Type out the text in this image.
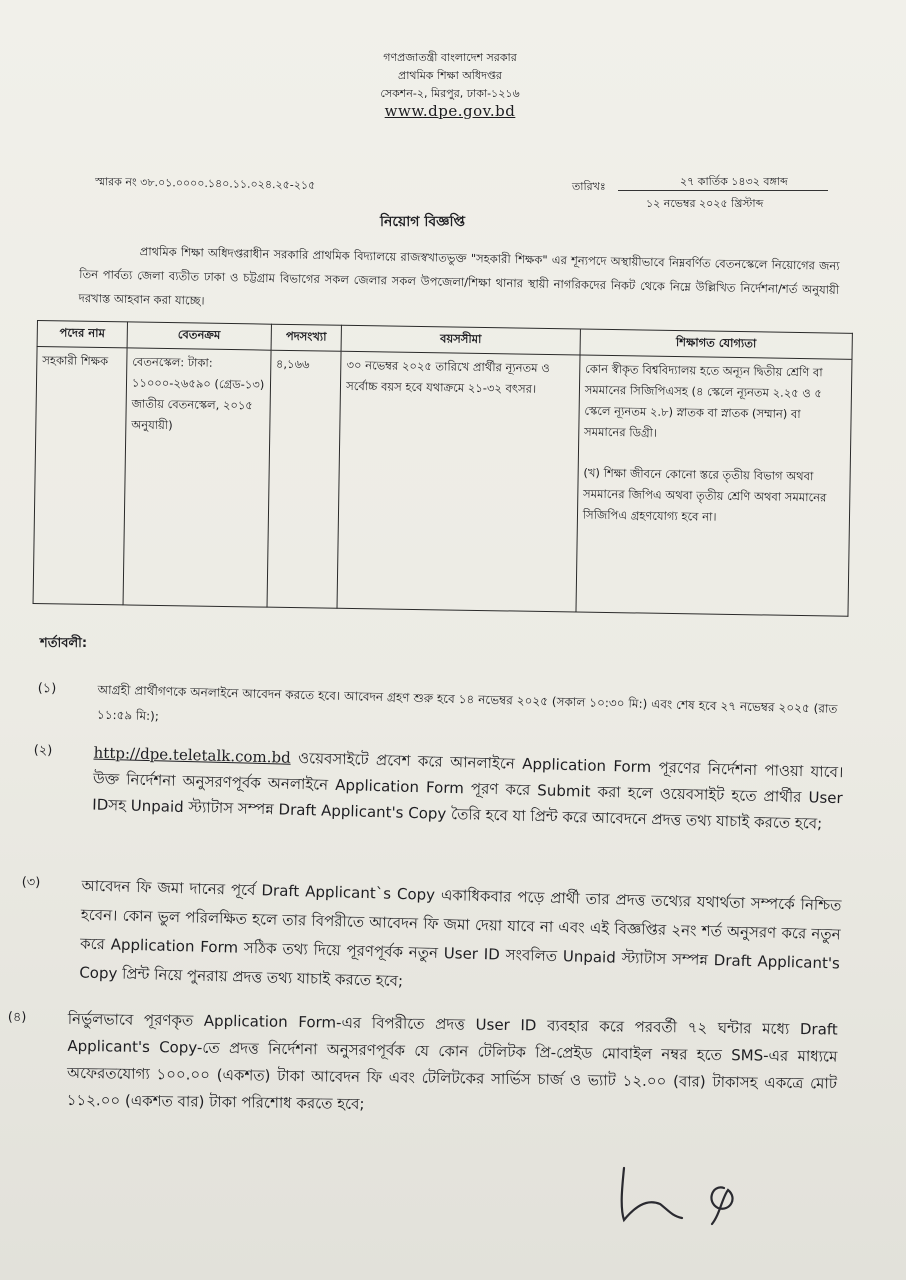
গণপ্রজাতন্ত্রী বাংলাদেশ সরকার
প্রাথমিক শিক্ষা অধিদপ্তর
সেকশন-২, মিরপুর, ঢাকা-১২১৬
www.dpe.gov.bd
স্মারক নং ৩৮.০১.০০০০.১৪০.১১.০২৪.২৫-২১৫	তারিখঃ	২৭ কার্তিক ১৪৩২ বঙ্গাব্দ
১২ নভেম্বর ২০২৫ খ্রিস্টাব্দ
নিয়োগ বিজ্ঞপ্তি
প্রাথমিক শিক্ষা অধিদপ্তরাধীন সরকারি প্রাথমিক বিদ্যালয়ে রাজস্বখাতভুক্ত "সহকারী শিক্ষক" এর শূন্যপদে অস্থায়ীভাবে নিম্নবর্ণিত বেতনস্কেলে নিয়োগের জন্য তিন পার্বত্য জেলা ব্যতীত ঢাকা ও চট্টগ্রাম বিভাগের সকল জেলার সকল উপজেলা/শিক্ষা থানার স্থায়ী নাগরিকদের নিকট থেকে নিম্নে উল্লিখিত নির্দেশনা/শর্ত অনুযায়ী দরখাস্ত আহবান করা যাচ্ছে।
পদের নাম	বেতনক্রম	পদসংখ্যা	বয়সসীমা	শিক্ষাগত যোগ্যতা
সহকারী শিক্ষক	বেতনস্কেল: টাকা: ১১০০০-২৬৫৯০ (গ্রেড-১৩) জাতীয় বেতনস্কেল, ২০১৫ অনুযায়ী)	৪,১৬৬	৩০ নভেম্বর ২০২৫ তারিখে প্রার্থীর ন্যূনতম ও সর্বোচ্চ বয়স হবে যথাক্রমে ২১-৩২ বৎসর।	কোন স্বীকৃত বিশ্ববিদ্যালয় হতে অন্যূন দ্বিতীয় শ্রেণি বা সমমানের সিজিপিএসহ (৪ স্কেলে ন্যূনতম ২.২৫ ও ৫ স্কেলে ন্যূনতম ২.৮) স্নাতক বা স্নাতক (সম্মান) বা সমমানের ডিগ্রী।
(খ) শিক্ষা জীবনে কোনো স্তরে তৃতীয় বিভাগ অথবা সমমানের জিপিএ অথবা তৃতীয় শ্রেণি অথবা সমমানের সিজিপিএ গ্রহণযোগ্য হবে না।
শর্তাবলী:
(১)	আগ্রহী প্রার্থীগণকে অনলাইনে আবেদন করতে হবে। আবেদন গ্রহণ শুরু হবে ১৪ নভেম্বর ২০২৫ (সকাল ১০:৩০ মি:) এবং শেষ হবে ২৭ নভেম্বর ২০২৫ (রাত ১১:৫৯ মি:);
(২)	http://dpe.teletalk.com.bd ওয়েবসাইটে প্রবেশ করে আনলাইনে Application Form পূরণের নির্দেশনা পাওয়া যাবে। উক্ত নির্দেশনা অনুসরণপূর্বক অনলাইনে Application Form পূরণ করে Submit করা হলে ওয়েবসাইট হতে প্রার্থীর User IDসহ Unpaid স্ট্যাটাস সম্পন্ন Draft Applicant's Copy তৈরি হবে যা প্রিন্ট করে আবেদনে প্রদত্ত তথ্য যাচাই করতে হবে;
(৩)	আবেদন ফি জমা দানের পূর্বে Draft Applicant`s Copy একাধিকবার পড়ে প্রার্থী তার প্রদত্ত তথ্যের যথার্থতা সম্পর্কে নিশ্চিত হবেন। কোন ভুল পরিলক্ষিত হলে তার বিপরীতে আবেদন ফি জমা দেয়া যাবে না এবং এই বিজ্ঞপ্তির ২নং শর্ত অনুসরণ করে নতুন করে Application Form সঠিক তথ্য দিয়ে পূরণপূর্বক নতুন User ID সংবলিত Unpaid স্ট্যাটাস সম্পন্ন Draft Applicant's Copy প্রিন্ট নিয়ে পুনরায় প্রদত্ত তথ্য যাচাই করতে হবে;
(৪)	নির্ভুলভাবে পূরণকৃত Application Form-এর বিপরীতে প্রদত্ত User ID ব্যবহার করে পরবর্তী ৭২ ঘন্টার মধ্যে Draft Applicant's Copy-তে প্রদত্ত নির্দেশনা অনুসরণপূর্বক যে কোন টেলিটক প্রি-প্রেইড মোবাইল নম্বর হতে SMS-এর মাধ্যমে অফেরতযোগ্য ১০০.০০ (একশত) টাকা আবেদন ফি এবং টেলিটকের সার্ভিস চার্জ ও ভ্যাট ১২.০০ (বার) টাকাসহ একত্রে মোট ১১২.০০ (একশত বার) টাকা পরিশোধ করতে হবে;
